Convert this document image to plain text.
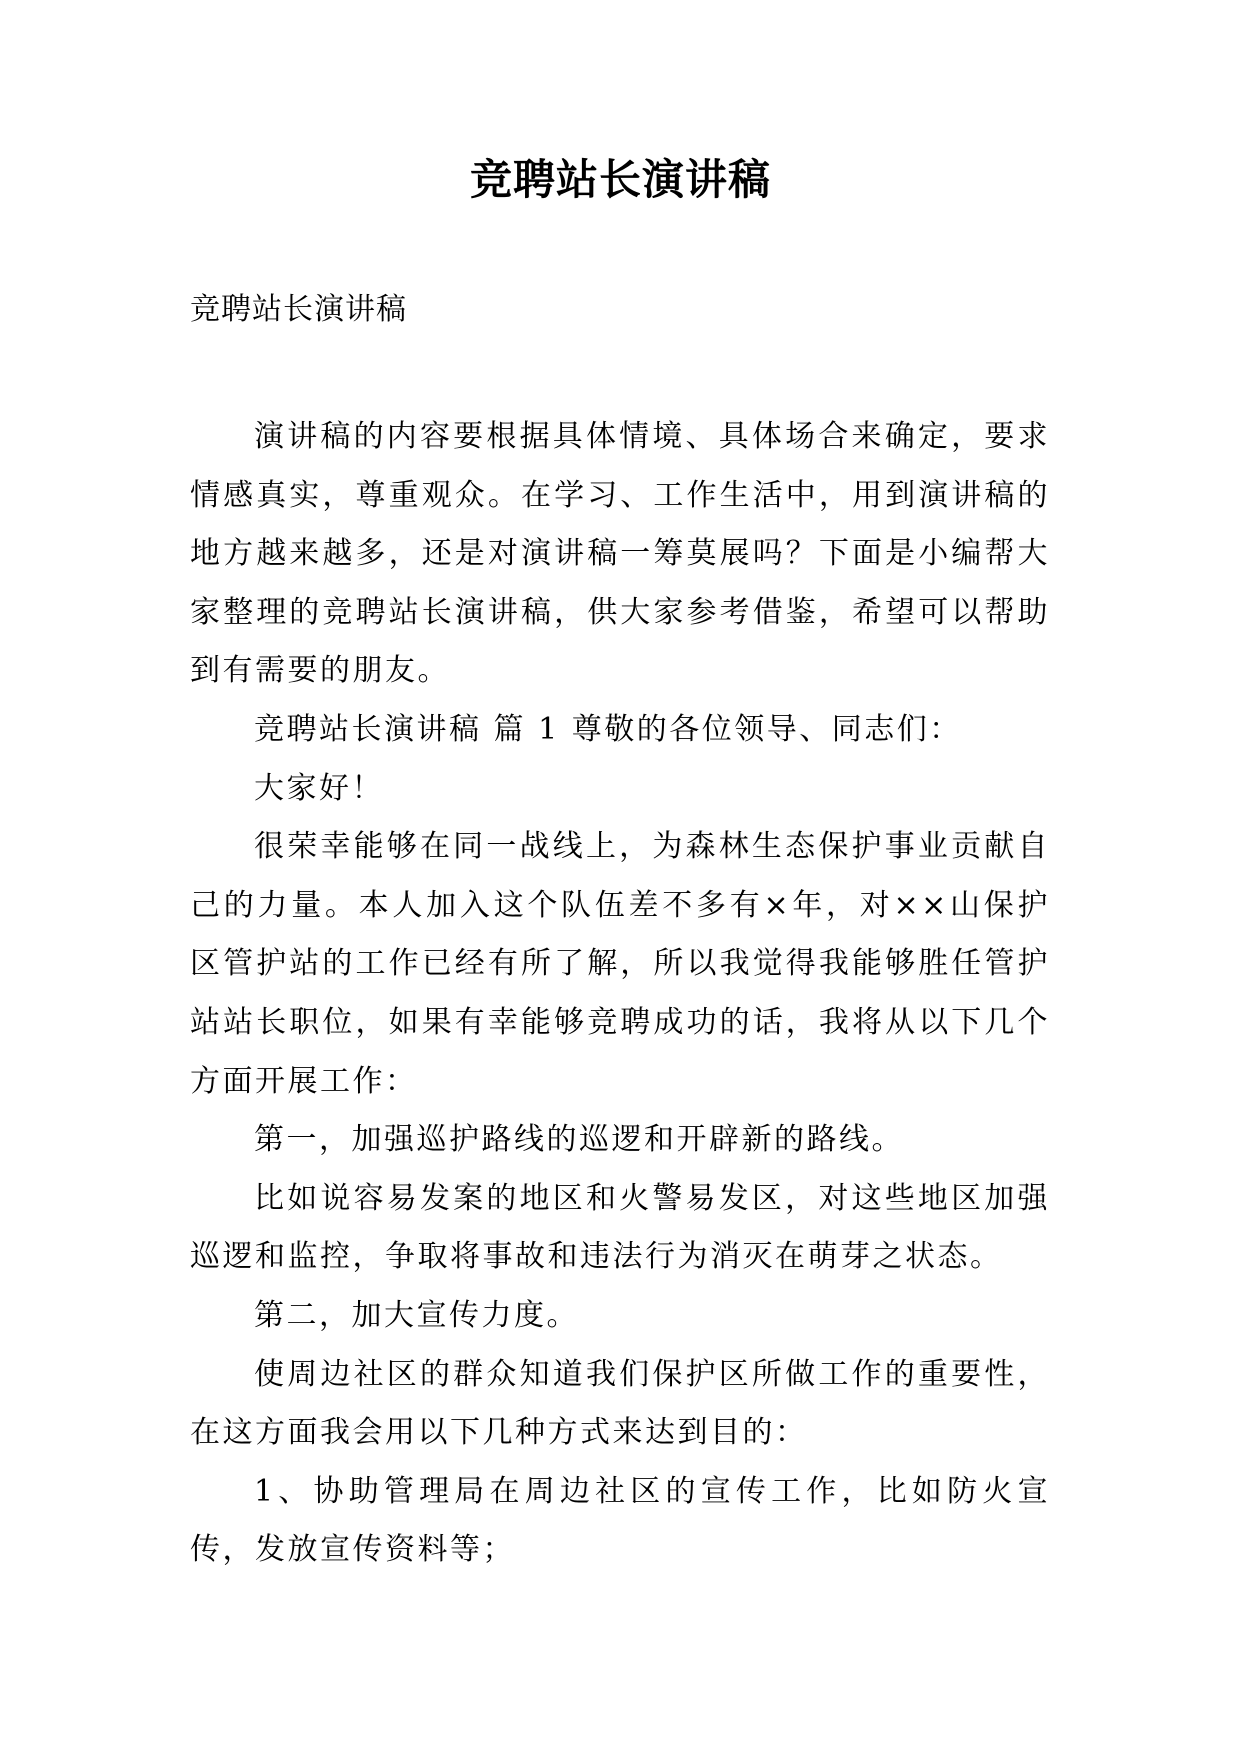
竞聘站长演讲稿
竞聘站长演讲稿

演讲稿的内容要根据具体情境、具体场合来确定，要求情感真实，尊重观众。在学习、工作生活中，用到演讲稿的地方越来越多，还是对演讲稿一筹莫展吗？下面是小编帮大家整理的竞聘站长演讲稿，供大家参考借鉴，希望可以帮助到有需要的朋友。

竞聘站长演讲稿 篇 1 尊敬的各位领导、同志们：

大家好！

很荣幸能够在同一战线上，为森林生态保护事业贡献自己的力量。本人加入这个队伍差不多有×年，对××山保护区管护站的工作已经有所了解，所以我觉得我能够胜任管护站站长职位，如果有幸能够竞聘成功的话，我将从以下几个方面开展工作：

第一，加强巡护路线的巡逻和开辟新的路线。

比如说容易发案的地区和火警易发区，对这些地区加强巡逻和监控，争取将事故和违法行为消灭在萌芽之状态。

第二，加大宣传力度。

使周边社区的群众知道我们保护区所做工作的重要性，在这方面我会用以下几种方式来达到目的：

1、协助管理局在周边社区的宣传工作，比如防火宣传，发放宣传资料等；
